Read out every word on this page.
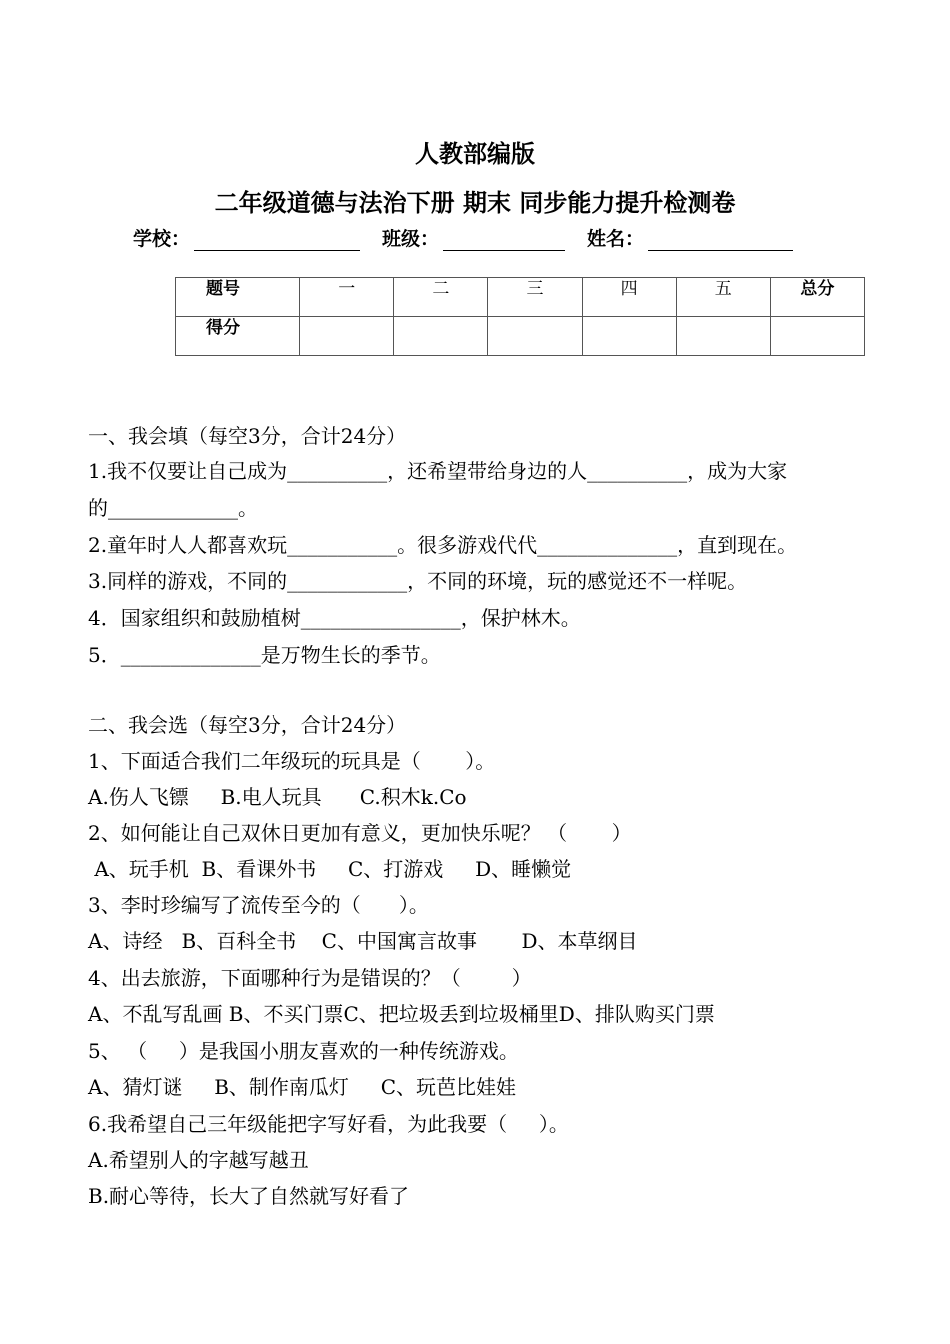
人教部编版
二年级道德与法治下册 期末 同步能力提升检测卷
学校：	班级：	姓名：
题号	一	二	三	四	五	总分
得分						
一、我会填（每空3分，合计24分）
1.我不仅要让自己成为__________，还希望带给身边的人__________，成为大家
的_____________。
2.童年时人人都喜欢玩___________。很多游戏代代______________，直到现在。
3.同样的游戏，不同的____________，不同的环境，玩的感觉还不一样呢。
4．国家组织和鼓励植树________________，保护林木。
5．______________是万物生长的季节。
二、我会选（每空3分，合计24分）
1、下面适合我们二年级玩的玩具是（       ）。
A.伤人飞镖     B.电人玩具      C.积木k.Co
2、如何能让自己双休日更加有意义，更加快乐呢？ （       ）
A、玩手机  B、看课外书     C、打游戏     D、睡懒觉
3、李时珍编写了流传至今的（      ）。
A、诗经   B、百科全书    C、中国寓言故事       D、本草纲目
4、出去旅游，下面哪种行为是错误的？（        ）
A、不乱写乱画 B、不买门票C、把垃圾丢到垃圾桶里D、排队购买门票
5、 （     ）是我国小朋友喜欢的一种传统游戏。
A、猜灯谜     B、制作南瓜灯     C、玩芭比娃娃
6.我希望自己三年级能把字写好看，为此我要（     ）。
A.希望别人的字越写越丑
B.耐心等待，长大了自然就写好看了
